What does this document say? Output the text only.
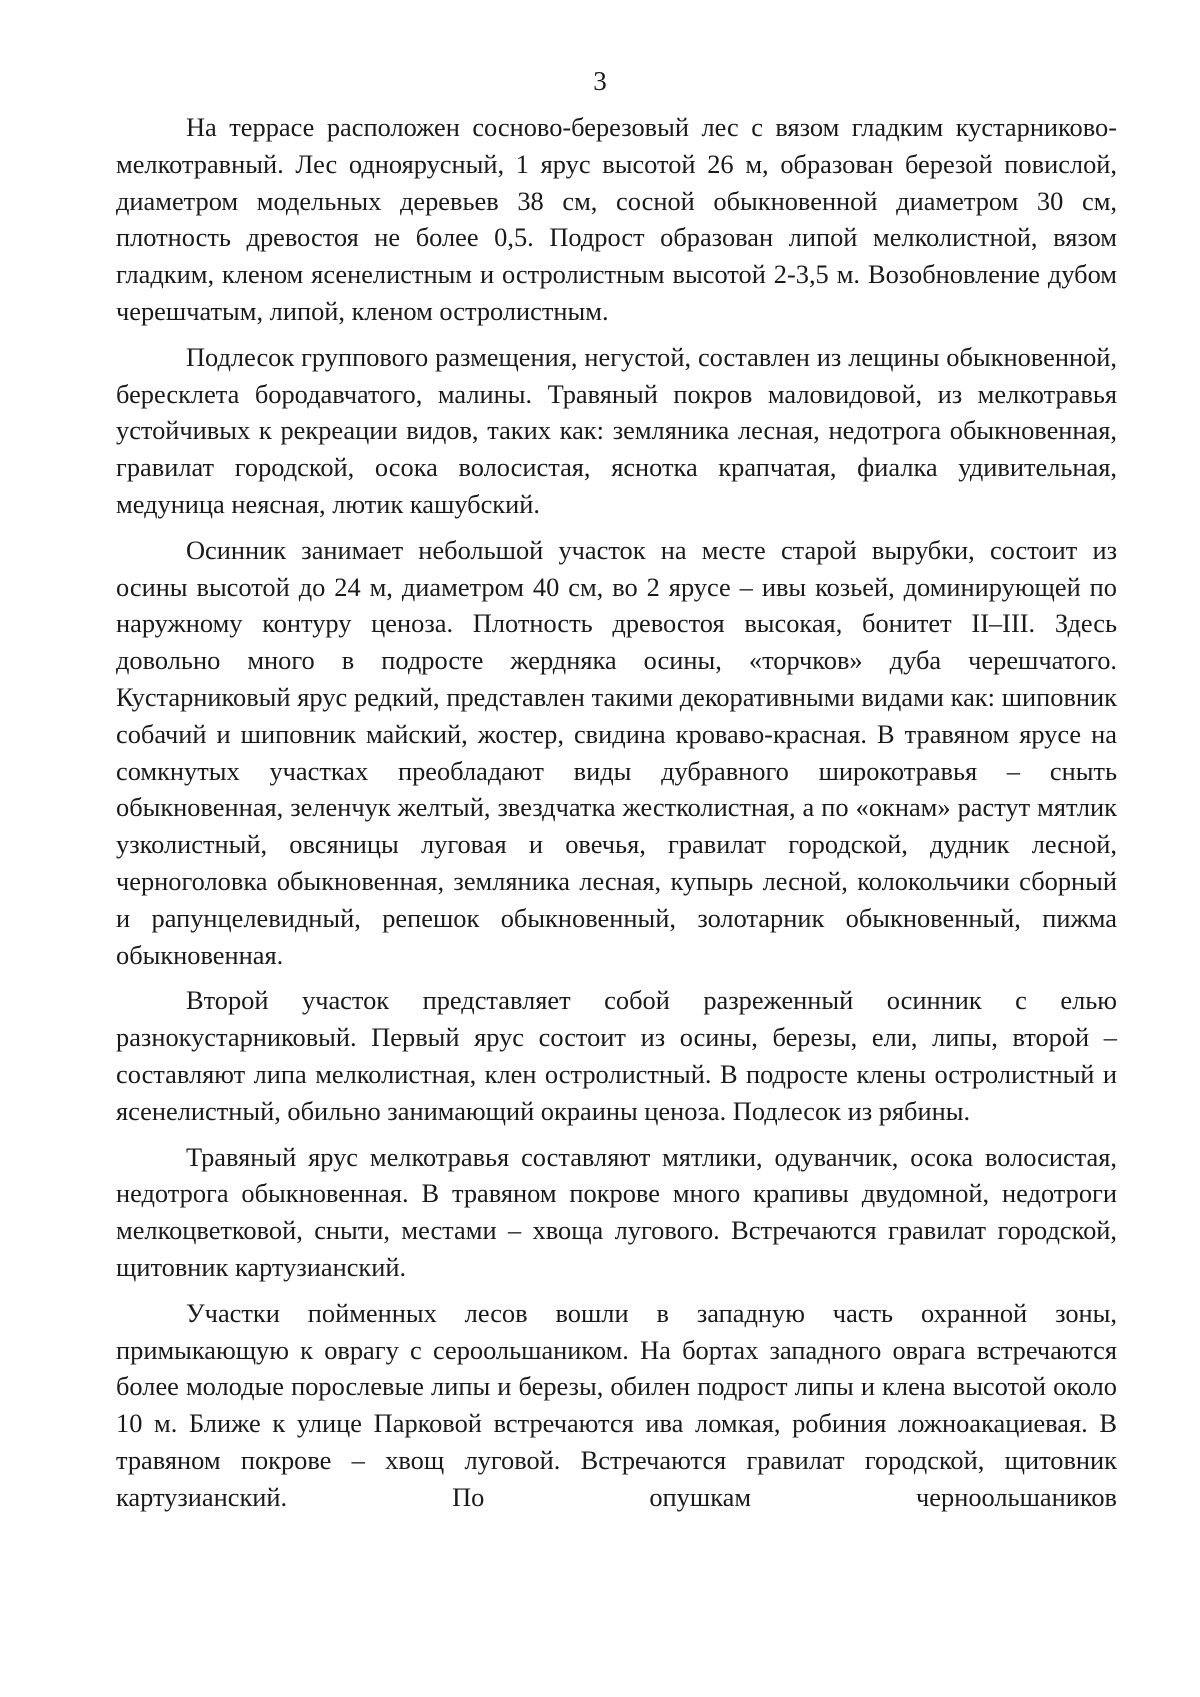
3

На террасе расположен сосново-березовый лес с вязом гладким кустарниково-мелкотравный. Лес одноярусный, 1 ярус высотой 26 м, образован березой повислой, диаметром модельных деревьев 38 см, сосной обыкновенной диаметром 30 см, плотность древостоя не более 0,5. Подрост образован липой мелколистной, вязом гладким, кленом ясенелистным и остролистным высотой 2-3,5 м. Возобновление дубом черешчатым, липой, кленом остролистным.

Подлесок группового размещения, негустой, составлен из лещины обыкновенной, бересклета бородавчатого, малины. Травяный покров маловидовой, из мелкотравья устойчивых к рекреации видов, таких как: земляника лесная, недотрога обыкновенная, гравилат городской, осока волосистая, яснотка крапчатая, фиалка удивительная, медуница неясная, лютик кашубский.

Осинник занимает небольшой участок на месте старой вырубки, состоит из осины высотой до 24 м, диаметром 40 см, во 2 ярусе – ивы козьей, доминирующей по наружному контуру ценоза. Плотность древостоя высокая, бонитет II–III. Здесь довольно много в подросте жердняка осины, «торчков» дуба черешчатого. Кустарниковый ярус редкий, представлен такими декоративными видами как: шиповник собачий и шиповник майский, жостер, свидина кроваво-красная. В травяном ярусе на сомкнутых участках преобладают виды дубравного широкотравья – сныть обыкновенная, зеленчук желтый, звездчатка жестколистная, а по «окнам» растут мятлик узколистный, овсяницы луговая и овечья, гравилат городской, дудник лесной, черноголовка обыкновенная, земляника лесная, купырь лесной, колокольчики сборный и рапунцелевидный, репешок обыкновенный, золотарник обыкновенный, пижма обыкновенная.

Второй участок представляет собой разреженный осинник с елью разнокустарниковый. Первый ярус состоит из осины, березы, ели, липы, второй – составляют липа мелколистная, клен остролистный. В подросте клены остролистный и ясенелистный, обильно занимающий окраины ценоза. Подлесок из рябины.

Травяный ярус мелкотравья составляют мятлики, одуванчик, осока волосистая, недотрога обыкновенная. В травяном покрове много крапивы двудомной, недотроги мелкоцветковой, сныти, местами – хвоща лугового. Встречаются гравилат городской, щитовник картузианский.

Участки пойменных лесов вошли в западную часть охранной зоны, примыкающую к оврагу с сероольшаником. На бортах западного оврага встречаются более молодые порослевые липы и березы, обилен подрост липы и клена высотой около 10 м. Ближе к улице Парковой встречаются ива ломкая, робиния ложноакациевая. В травяном покрове – хвощ луговой. Встречаются гравилат городской, щитовник картузианский. По опушкам черноольшаников
